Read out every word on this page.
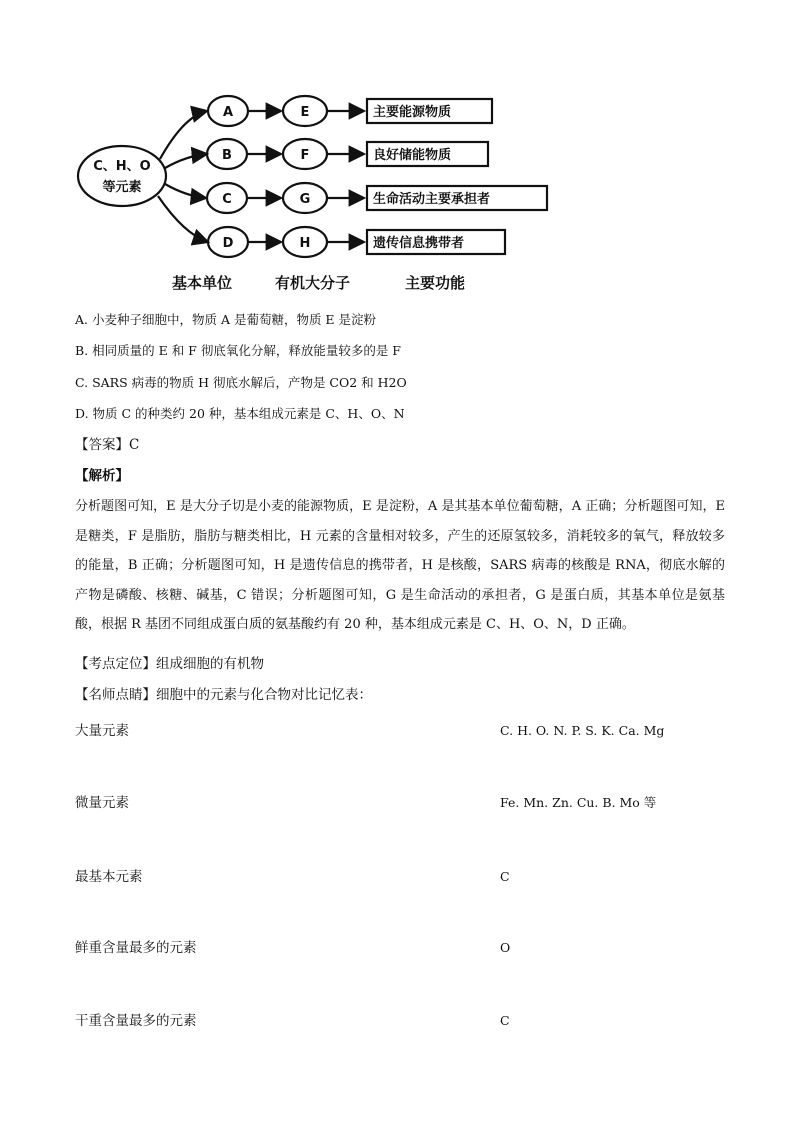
C、H、O
等元素
A
B
C
D
E
F
G
H
主要能源物质
良好储能物质
生命活动主要承担者
遗传信息携带者
基本单位	有机大分子	主要功能
A. 小麦种子细胞中，物质 A 是葡萄糖，物质 E 是淀粉
B. 相同质量的 E 和 F 彻底氧化分解，释放能量较多的是 F
C. SARS 病毒的物质 H 彻底水解后，产物是 CO2 和 H2O
D. 物质 C 的种类约 20 种，基本组成元素是 C、H、O、N
【答案】C
【解析】
分析题图可知，E 是大分子切是小麦的能源物质，E 是淀粉，A 是其基本单位葡萄糖，A 正确；分析题图可知，E 是糖类，F 是脂肪，脂肪与糖类相比，H 元素的含量相对较多，产生的还原氢较多，消耗较多的氧气，释放较多的能量，B 正确；分析题图可知，H 是遗传信息的携带者，H 是核酸，SARS 病毒的核酸是 RNA，彻底水解的产物是磷酸、核糖、碱基，C 错误；分析题图可知，G 是生命活动的承担者，G 是蛋白质，其基本单位是氨基酸，根据 R 基团不同组成蛋白质的氨基酸约有 20 种，基本组成元素是 C、H、O、N，D 正确。
【考点定位】组成细胞的有机物
【名师点睛】细胞中的元素与化合物对比记忆表：
大量元素	C. H. O. N. P. S. K. Ca. Mg
微量元素	Fe. Mn. Zn. Cu. B. Mo 等
最基本元素	C
鲜重含量最多的元素	O
干重含量最多的元素	C
